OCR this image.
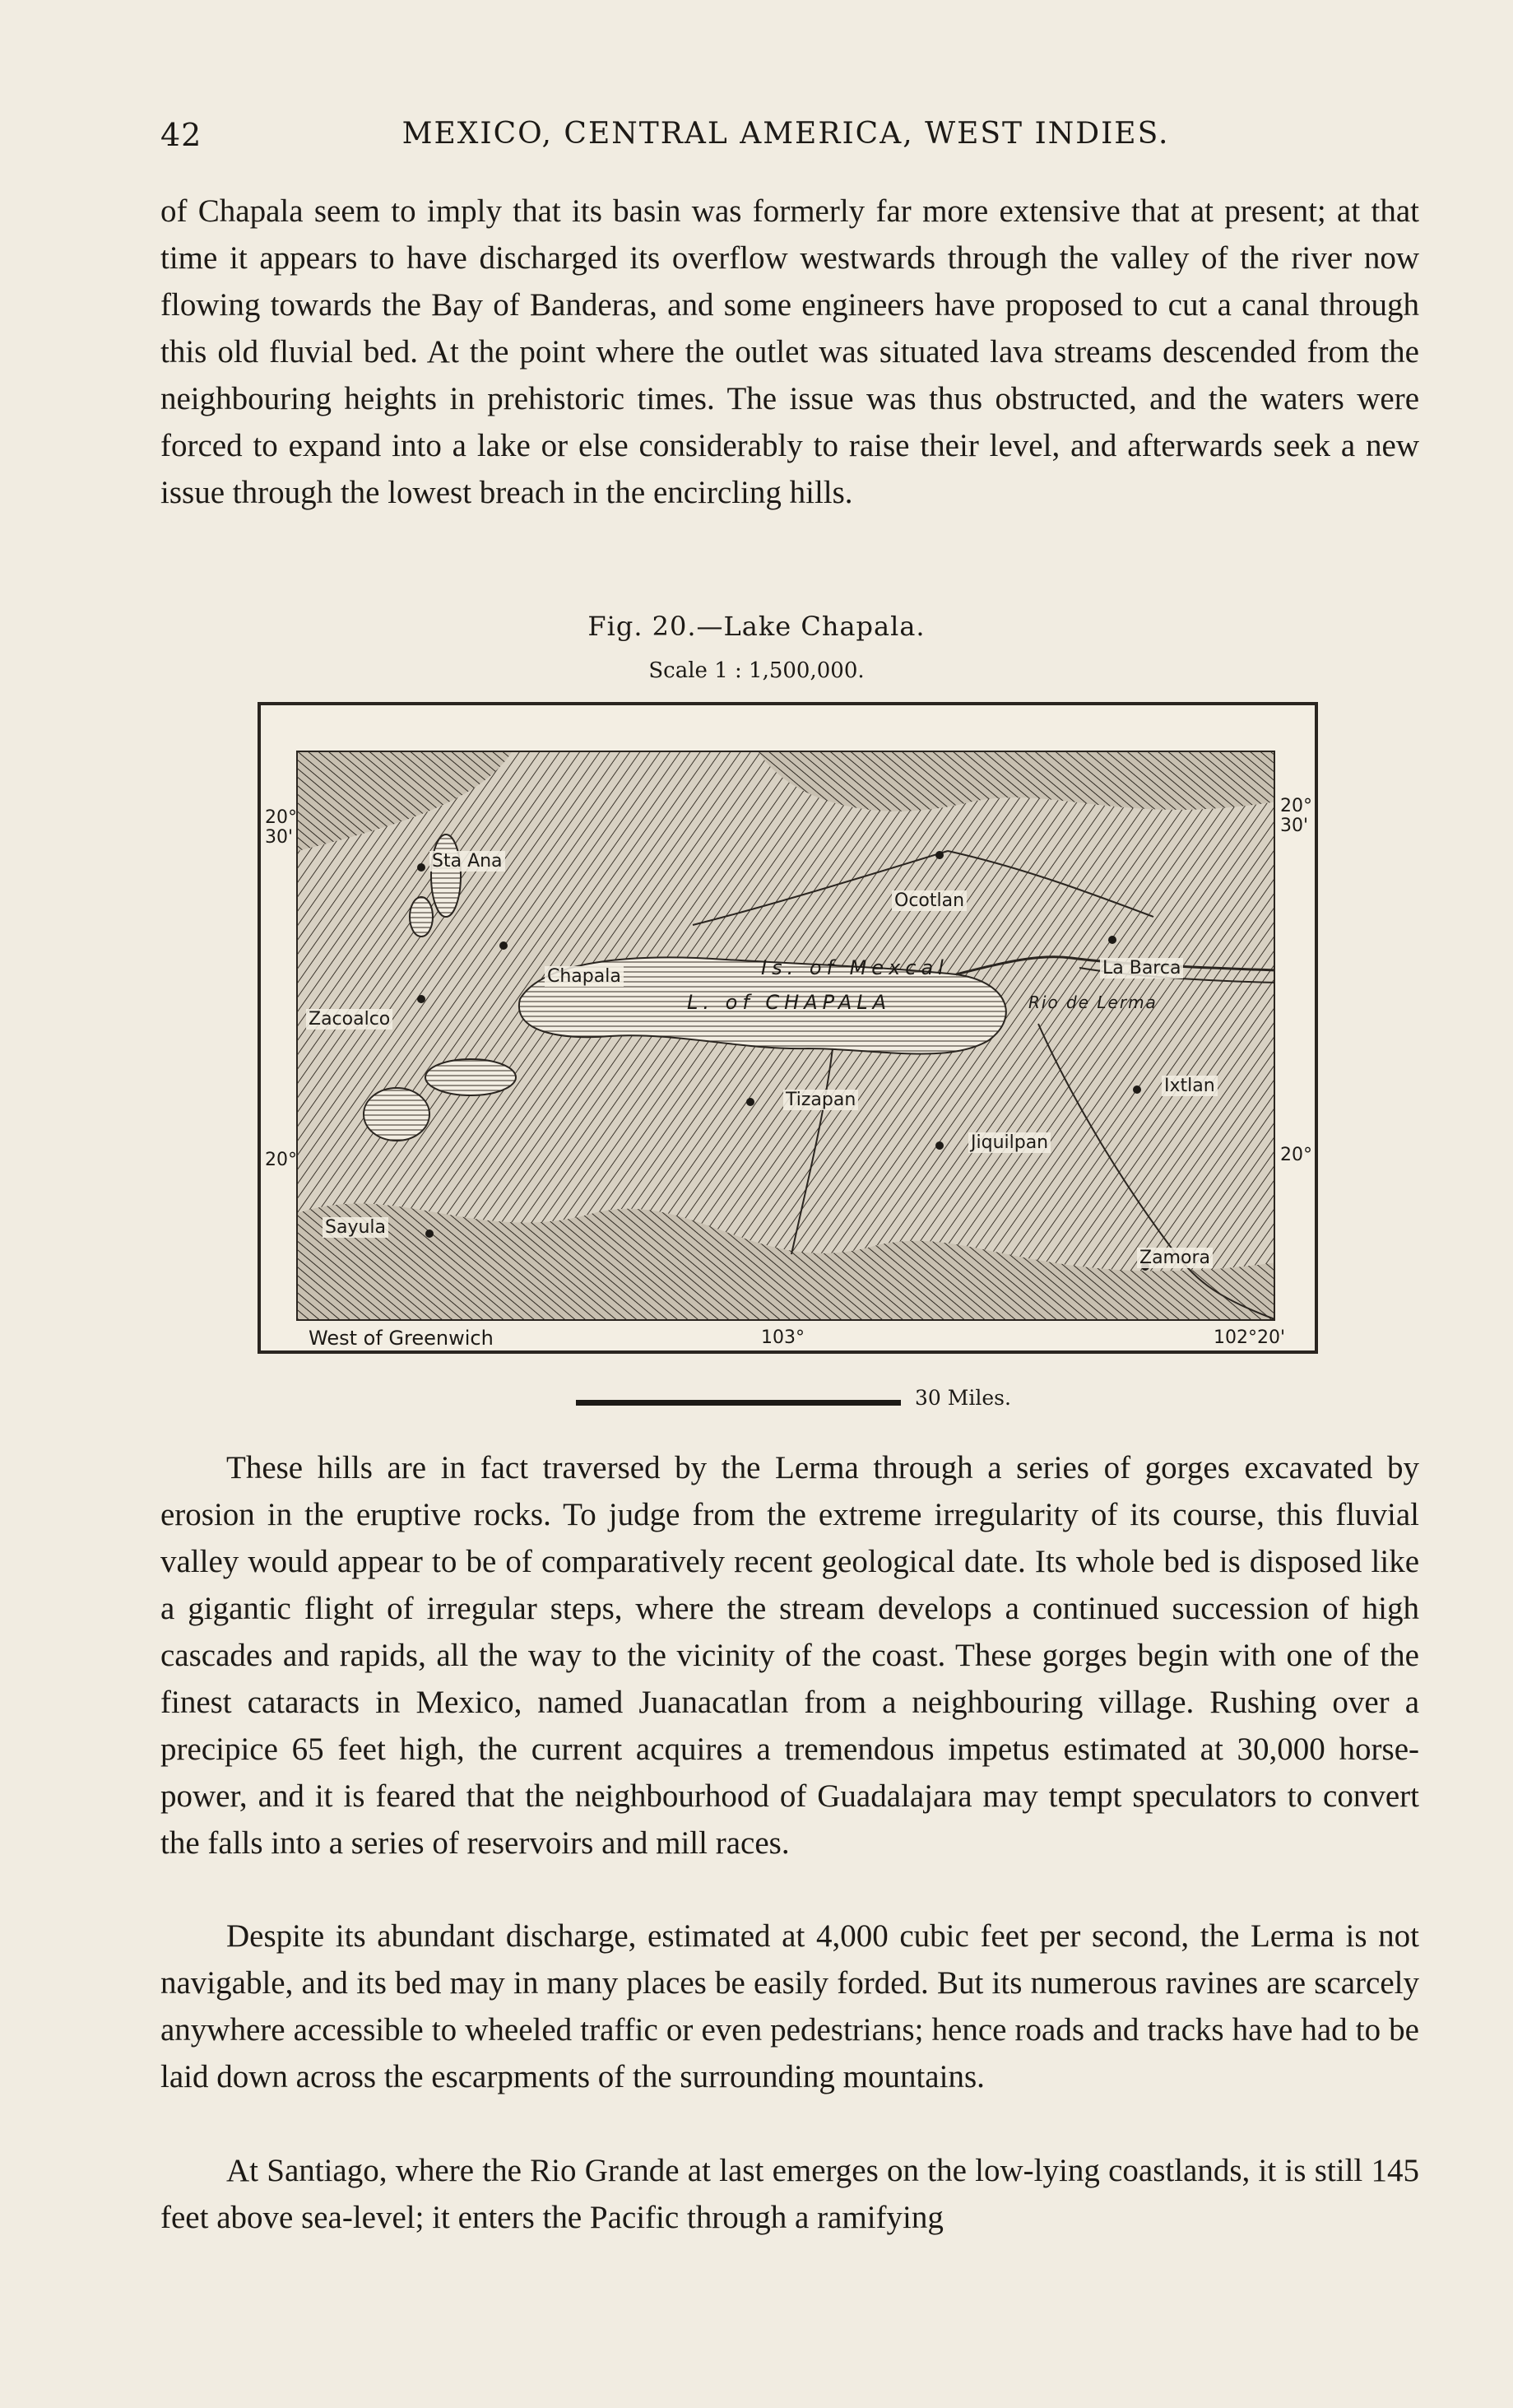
42	MEXICO, CENTRAL AMERICA, WEST INDIES.

of Chapala seem to imply that its basin was formerly far more extensive that at present; at that time it appears to have discharged its overflow westwards through the valley of the river now flowing towards the Bay of Banderas, and some engineers have proposed to cut a canal through this old fluvial bed. At the point where the outlet was situated lava streams descended from the neighbouring heights in prehistoric times. The issue was thus obstructed, and the waters were forced to expand into a lake or else considerably to raise their level, and afterwards seek a new issue through the lowest breach in the encircling hills.

Fig. 20.—Lake Chapala.
Scale 1 : 1,500,000.
Sta Ana
Ocotlan
Chapala	La Barca
Zacoalco
Tizapan
Ixtlan
Jiquilpan
Sayula
Zamora
Is. of Mexcal
L. of CHAPALA	Rio de Lerma
20°
30'
20°
30'
20°	20°
West of Greenwich	103°	102°20'
30 Miles.

These hills are in fact traversed by the Lerma through a series of gorges excavated by erosion in the eruptive rocks. To judge from the extreme irregularity of its course, this fluvial valley would appear to be of comparatively recent geological date. Its whole bed is disposed like a gigantic flight of irregular steps, where the stream develops a continued succession of high cascades and rapids, all the way to the vicinity of the coast. These gorges begin with one of the finest cataracts in Mexico, named Juanacatlan from a neighbouring village. Rushing over a precipice 65 feet high, the current acquires a tremendous impetus estimated at 30,000 horse-power, and it is feared that the neighbourhood of Guadalajara may tempt speculators to convert the falls into a series of reservoirs and mill races.

Despite its abundant discharge, estimated at 4,000 cubic feet per second, the Lerma is not navigable, and its bed may in many places be easily forded. But its numerous ravines are scarcely anywhere accessible to wheeled traffic or even pedestrians; hence roads and tracks have had to be laid down across the escarpments of the surrounding mountains.

At Santiago, where the Rio Grande at last emerges on the low-lying coastlands, it is still 145 feet above sea-level; it enters the Pacific through a ramifying
